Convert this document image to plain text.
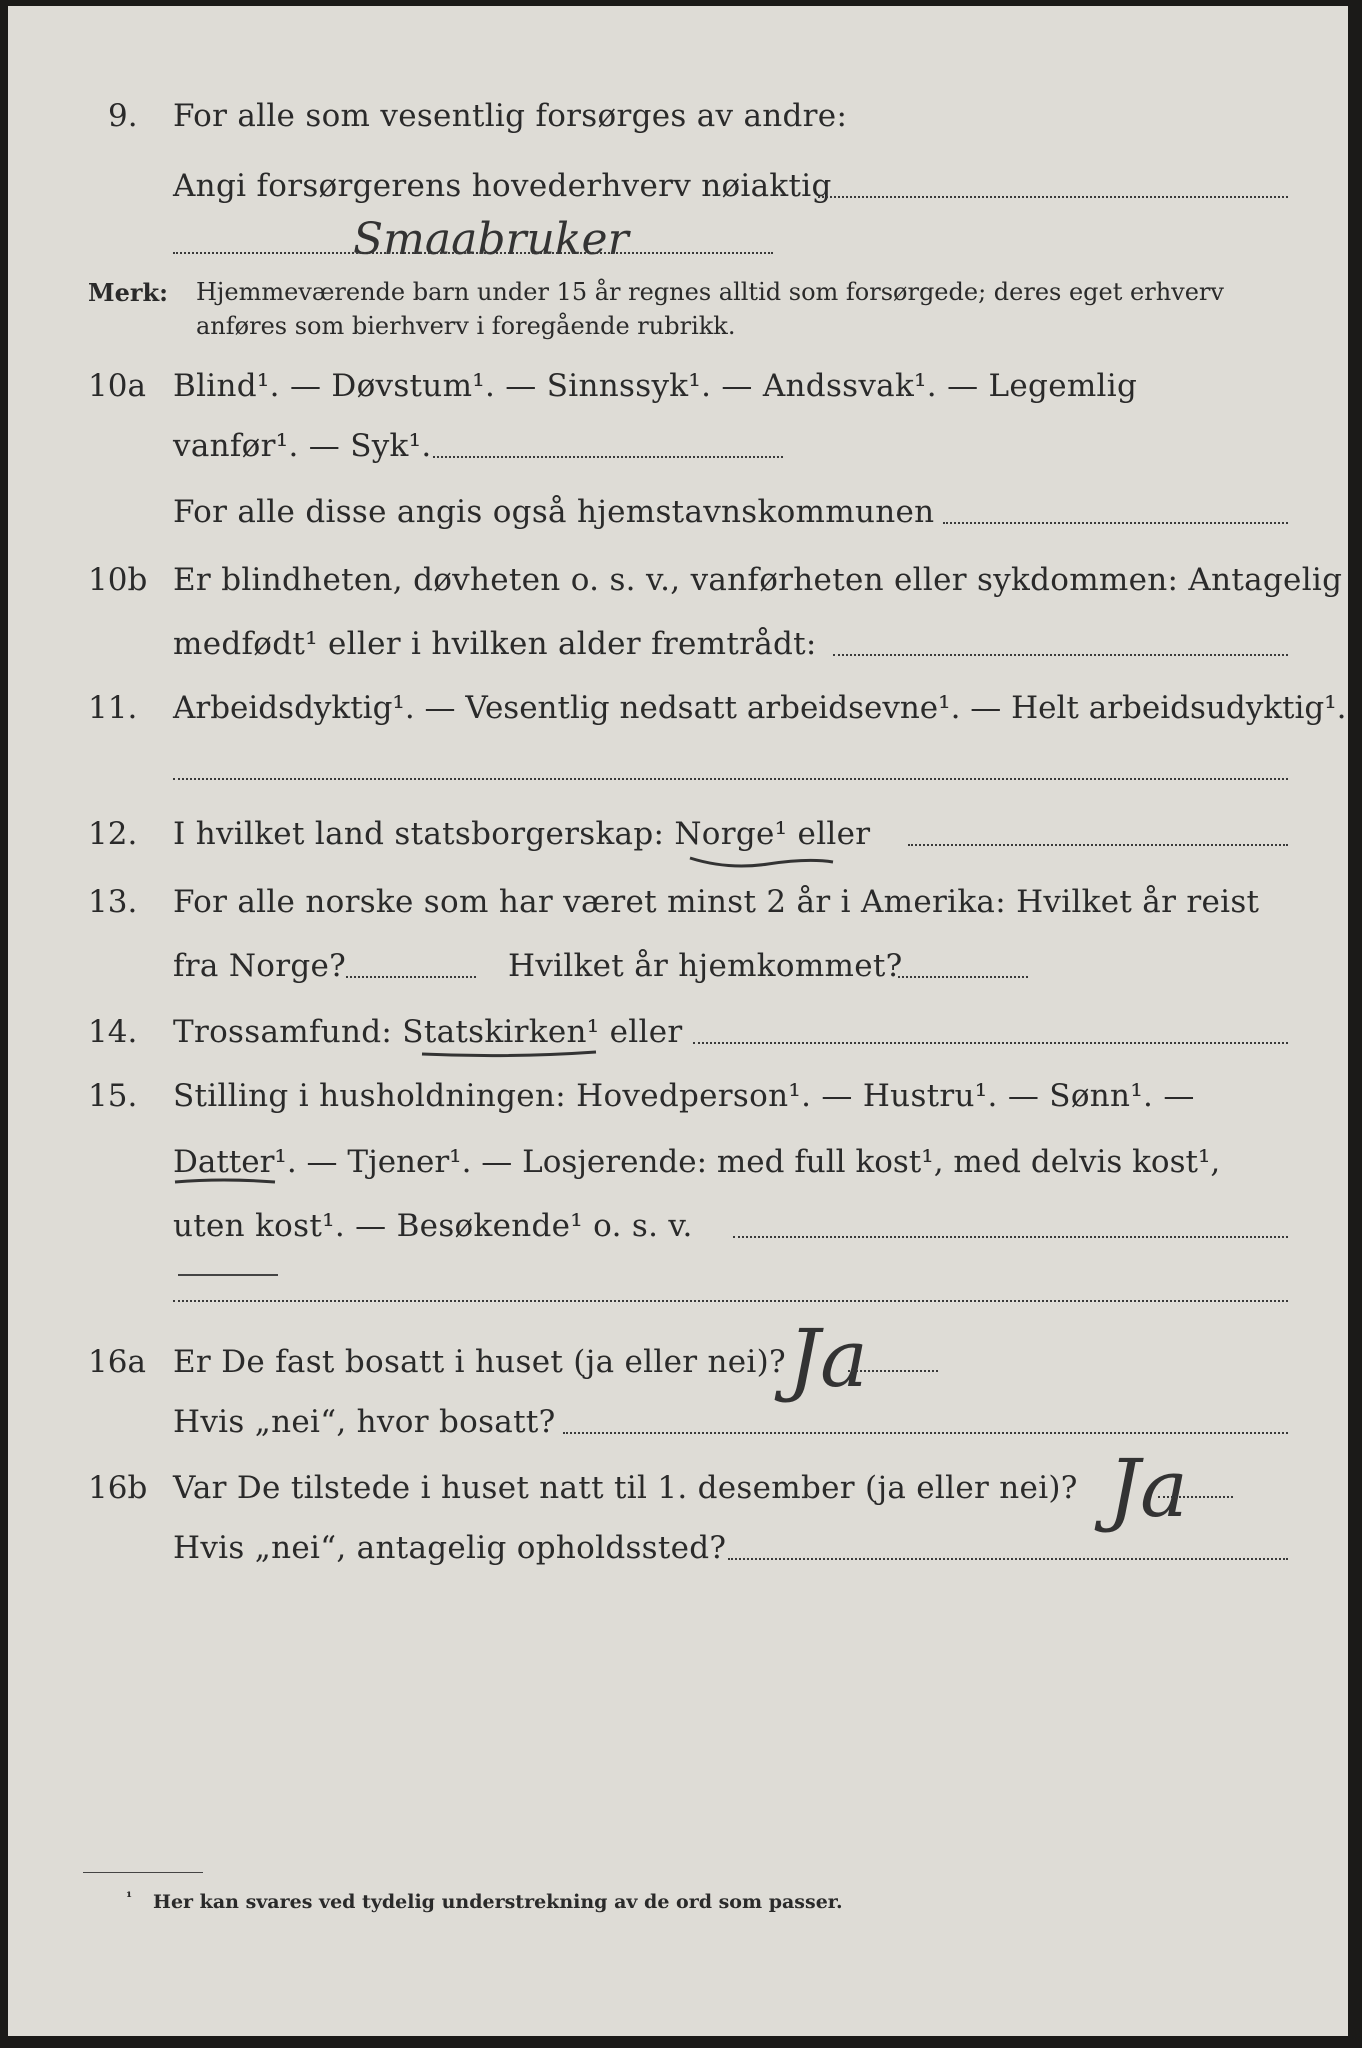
9. For alle som vesentlig forsørges av andre:
Angi forsørgerens hovederhverv nøiaktig
Smaabruker
Merk: Hjemmeværende barn under 15 år regnes alltid som forsørgede; deres eget erhverv
anføres som bierhverv i foregående rubrikk.
10a Blind¹. — Døvstum¹. — Sinnssyk¹. — Andssvak¹. — Legemlig
vanfør¹. — Syk¹.
For alle disse angis også hjemstavnskommunen
10b Er blindheten, døvheten o. s. v., vanførheten eller sykdommen: Antagelig
medfødt¹ eller i hvilken alder fremtrådt:
11. Arbeidsdyktig¹. — Vesentlig nedsatt arbeidsevne¹. — Helt arbeidsudyktig¹.
12. I hvilket land statsborgerskap: Norge¹ eller
13. For alle norske som har været minst 2 år i Amerika: Hvilket år reist
fra Norge?	Hvilket år hjemkommet?
14. Trossamfund: Statskirken¹ eller
15. Stilling i husholdningen: Hovedperson¹. — Hustru¹. — Sønn¹. —
Datter¹. — Tjener¹. — Losjerende: med full kost¹, med delvis kost¹,
uten kost¹. — Besøkende¹ o. s. v.
16a Er De fast bosatt i huset (ja eller nei)? Ja
Hvis „nei“, hvor bosatt?
16b Var De tilstede i huset natt til 1. desember (ja eller nei)? Ja
Hvis „nei“, antagelig opholdssted?
¹ Her kan svares ved tydelig understrekning av de ord som passer.
